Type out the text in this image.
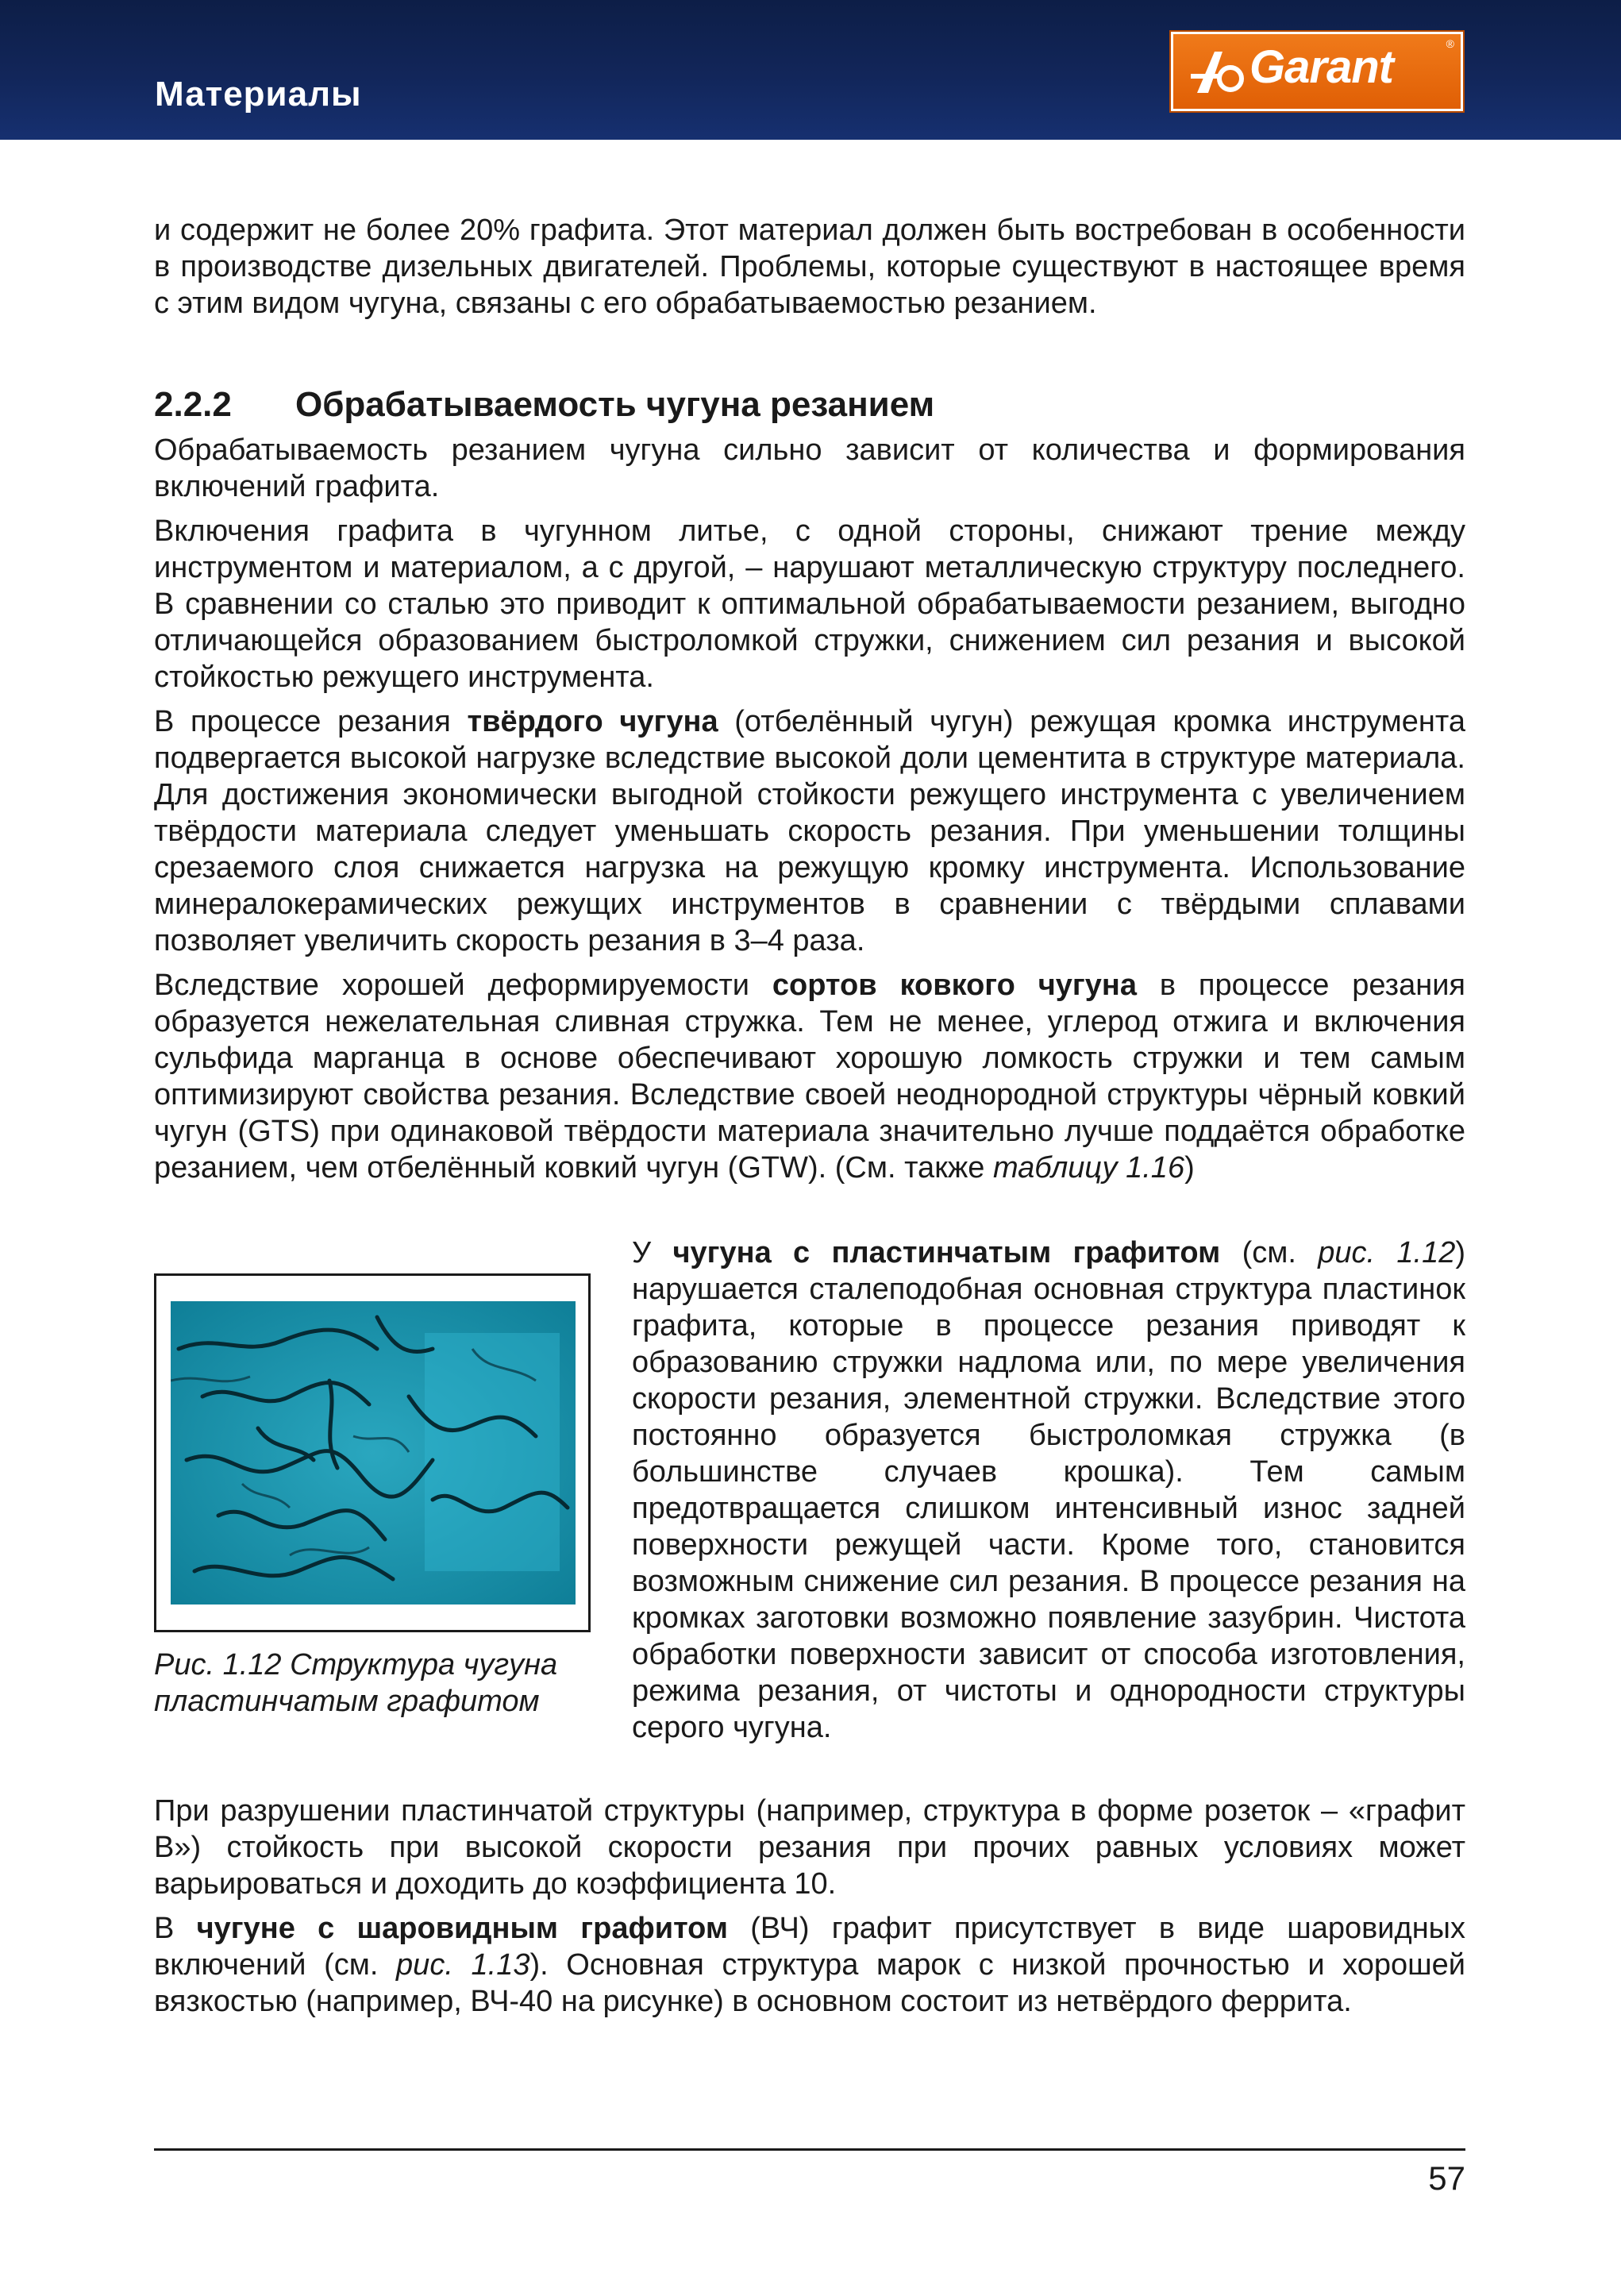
Материалы
Garant	®

и содержит не более 20% графита. Этот материал должен быть востребован в особенности в производстве дизельных двигателей. Проблемы, которые существуют в настоящее время с этим видом чугуна, связаны с его обрабатываемостью резанием.

2.2.2 Обрабатываемость чугуна резанием

Обрабатываемость резанием чугуна сильно зависит от количества и формирования включений графита.

Включения графита в чугунном литье, с одной стороны, снижают трение между инструментом и материалом, а с другой, – нарушают металлическую структуру последнего. В сравнении со сталью это приводит к оптимальной обрабатываемости резанием, выгодно отличающейся образованием быстроломкой стружки, снижением сил резания и высокой стойкостью режущего инструмента.

В процессе резания твёрдого чугуна (отбелённый чугун) режущая кромка инструмента подвергается высокой нагрузке вследствие высокой доли цементита в структуре материала. Для достижения экономически выгодной стойкости режущего инструмента с увеличением твёрдости материала следует уменьшать скорость резания. При уменьшении толщины срезаемого слоя снижается нагрузка на режущую кромку инструмента. Использование минералокерамических режущих инструментов в сравнении с твёрдыми сплавами позволяет увеличить скорость резания в 3–4 раза.

Вследствие хорошей деформируемости сортов ковкого чугуна в процессе резания образуется нежелательная сливная стружка. Тем не менее, углерод отжига и включения сульфида марганца в основе обеспечивают хорошую ломкость стружки и тем самым оптимизируют свойства резания. Вследствие своей неоднородной структуры чёрный ковкий чугун (GTS) при одинаковой твёрдости материала значительно лучше поддаётся обработке резанием, чем отбелённый ковкий чугун (GTW). (См. также таблицу 1.16)

Рис. 1.12 Структура чугуна пластинчатым графитом

У чугуна с пластинчатым графитом (см. рис. 1.12) нарушается сталеподобная основная структура пластинок графита, которые в процессе резания приводят к образованию стружки надлома или, по мере увеличения скорости резания, элементной стружки. Вследствие этого постоянно образуется быстроломкая стружка (в большинстве случаев крошка). Тем самым предотвращается слишком интенсивный износ задней поверхности режущей части. Кроме того, становится возможным снижение сил резания. В процессе резания на кромках заготовки возможно появление зазубрин. Чистота обработки поверхности зависит от способа изготовления, режима резания, от чистоты и однородности структуры серого чугуна.

При разрушении пластинчатой структуры (например, структура в форме розеток – «графит В») стойкость при высокой скорости резания при прочих равных условиях может варьироваться и доходить до коэффициента 10.

В чугуне с шаровидным графитом (ВЧ) графит присутствует в виде шаровидных включений (см. рис. 1.13). Основная структура марок с низкой прочностью и хорошей вязкостью (например, ВЧ-40 на рисунке) в основном состоит из нетвёрдого феррита.

57
